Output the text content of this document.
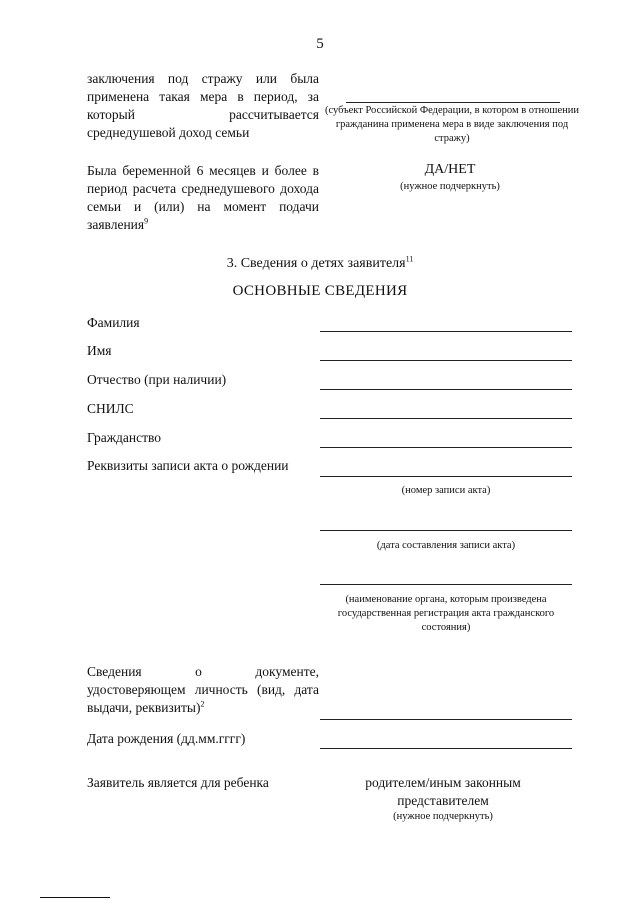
5
заключения под стражу или была применена такая мера в период, за который рассчитывается среднедушевой доход семьи
(субъект Российской Федерации, в котором в отношении гражданина применена мера в виде заключения под стражу)
Была беременной 6 месяцев и более в период расчета среднедушевого дохода семьи и (или) на момент подачи заявления$^9$
ДА/НЕТ
(нужное подчеркнуть)
3. Сведения о детях заявителя$^{11}$
ОСНОВНЫЕ СВЕДЕНИЯ
Фамилия
Имя
Отчество (при наличии)
СНИЛС
Гражданство
Реквизиты записи акта о рождении
(номер записи акта)
(дата составления записи акта)
(наименование органа, которым произведена государственная регистрация акта гражданского состояния)
Сведения о документе, удостоверяющем личность (вид, дата выдачи, реквизиты)$^2$
Дата рождения (дд.мм.гггг)
Заявитель является для ребенка	родителем/иным законным представителем
(нужное подчеркнуть)
